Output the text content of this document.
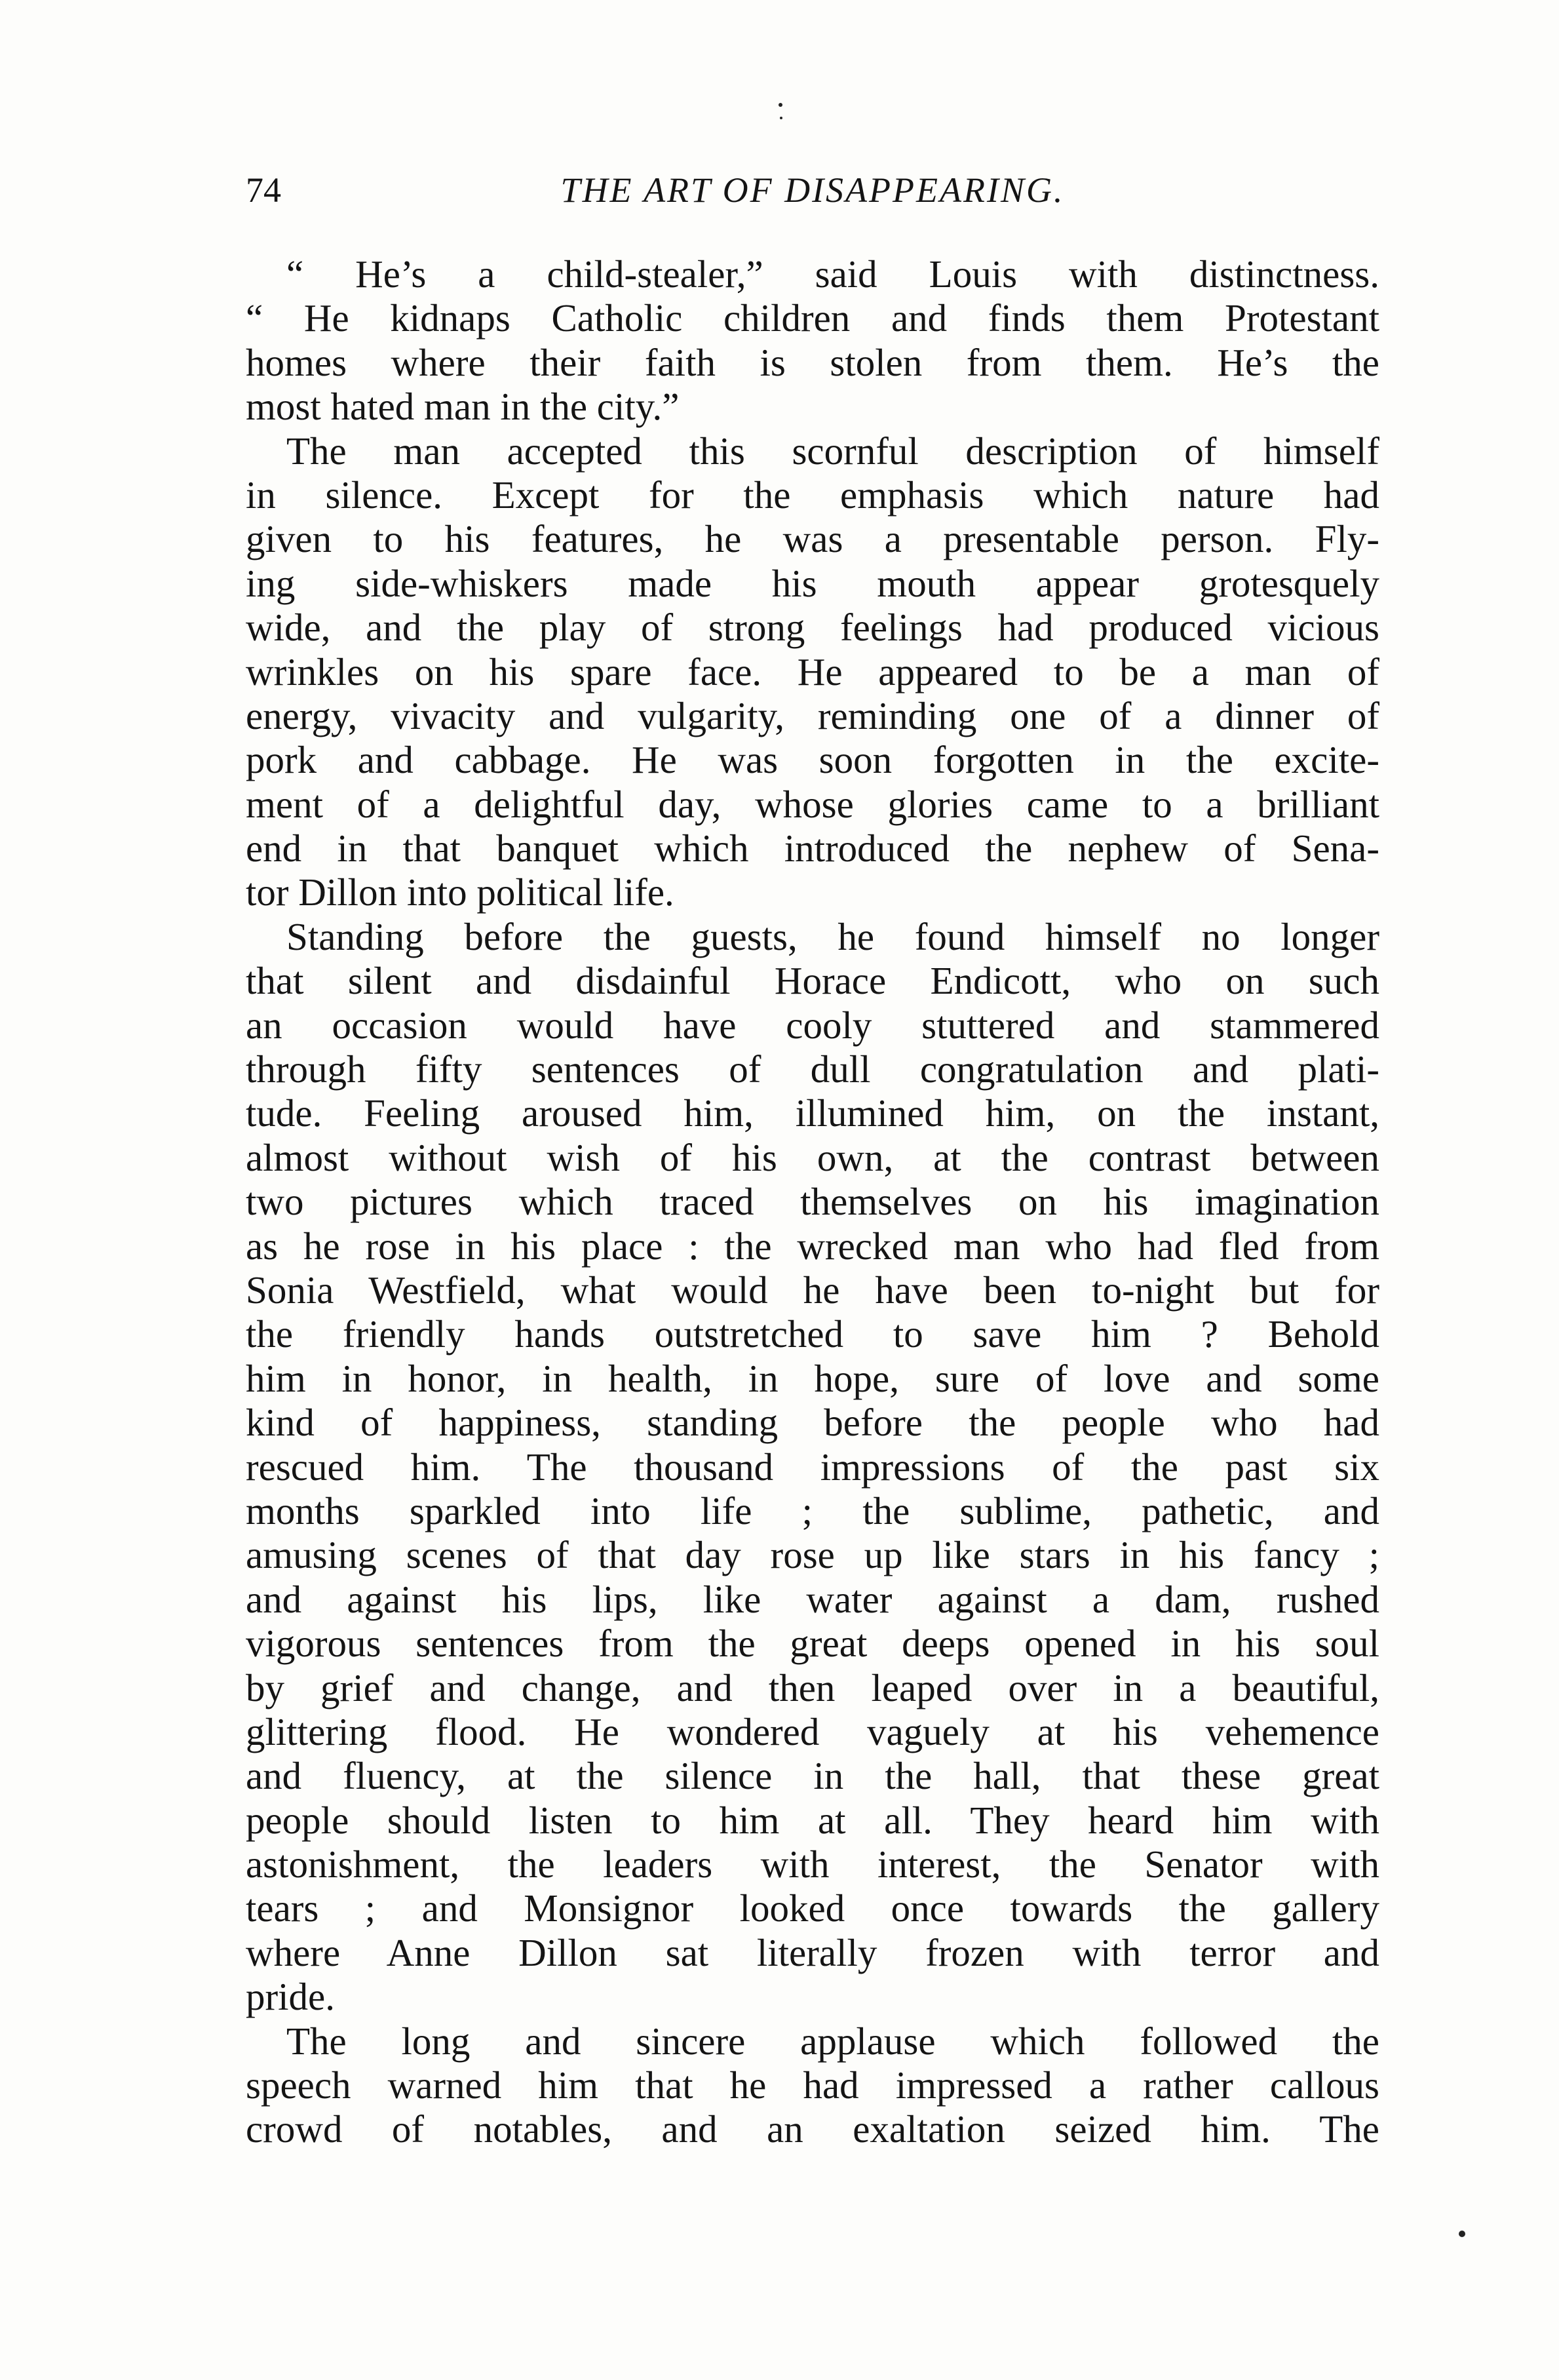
74	THE ART OF DISAPPEARING.
“ He’s a child-stealer,” said Louis with distinctness.
“ He kidnaps Catholic children and finds them Protestant
homes where their faith is stolen from them. He’s the
most hated man in the city.”
The man accepted this scornful description of himself
in silence. Except for the emphasis which nature had
given to his features, he was a presentable person. Fly-
ing side-whiskers made his mouth appear grotesquely
wide, and the play of strong feelings had produced vicious
wrinkles on his spare face. He appeared to be a man of
energy, vivacity and vulgarity, reminding one of a dinner of
pork and cabbage. He was soon forgotten in the excite-
ment of a delightful day, whose glories came to a brilliant
end in that banquet which introduced the nephew of Sena-
tor Dillon into political life.
Standing before the guests, he found himself no longer
that silent and disdainful Horace Endicott, who on such
an occasion would have cooly stuttered and stammered
through fifty sentences of dull congratulation and plati-
tude. Feeling aroused him, illumined him, on the instant,
almost without wish of his own, at the contrast between
two pictures which traced themselves on his imagination
as he rose in his place : the wrecked man who had fled from
Sonia Westfield, what would he have been to-night but for
the friendly hands outstretched to save him ? Behold
him in honor, in health, in hope, sure of love and some
kind of happiness, standing before the people who had
rescued him. The thousand impressions of the past six
months sparkled into life ; the sublime, pathetic, and
amusing scenes of that day rose up like stars in his fancy ;
and against his lips, like water against a dam, rushed
vigorous sentences from the great deeps opened in his soul
by grief and change, and then leaped over in a beautiful,
glittering flood. He wondered vaguely at his vehemence
and fluency, at the silence in the hall, that these great
people should listen to him at all. They heard him with
astonishment, the leaders with interest, the Senator with
tears ; and Monsignor looked once towards the gallery
where Anne Dillon sat literally frozen with terror and
pride.
The long and sincere applause which followed the
speech warned him that he had impressed a rather callous
crowd of notables, and an exaltation seized him. The
